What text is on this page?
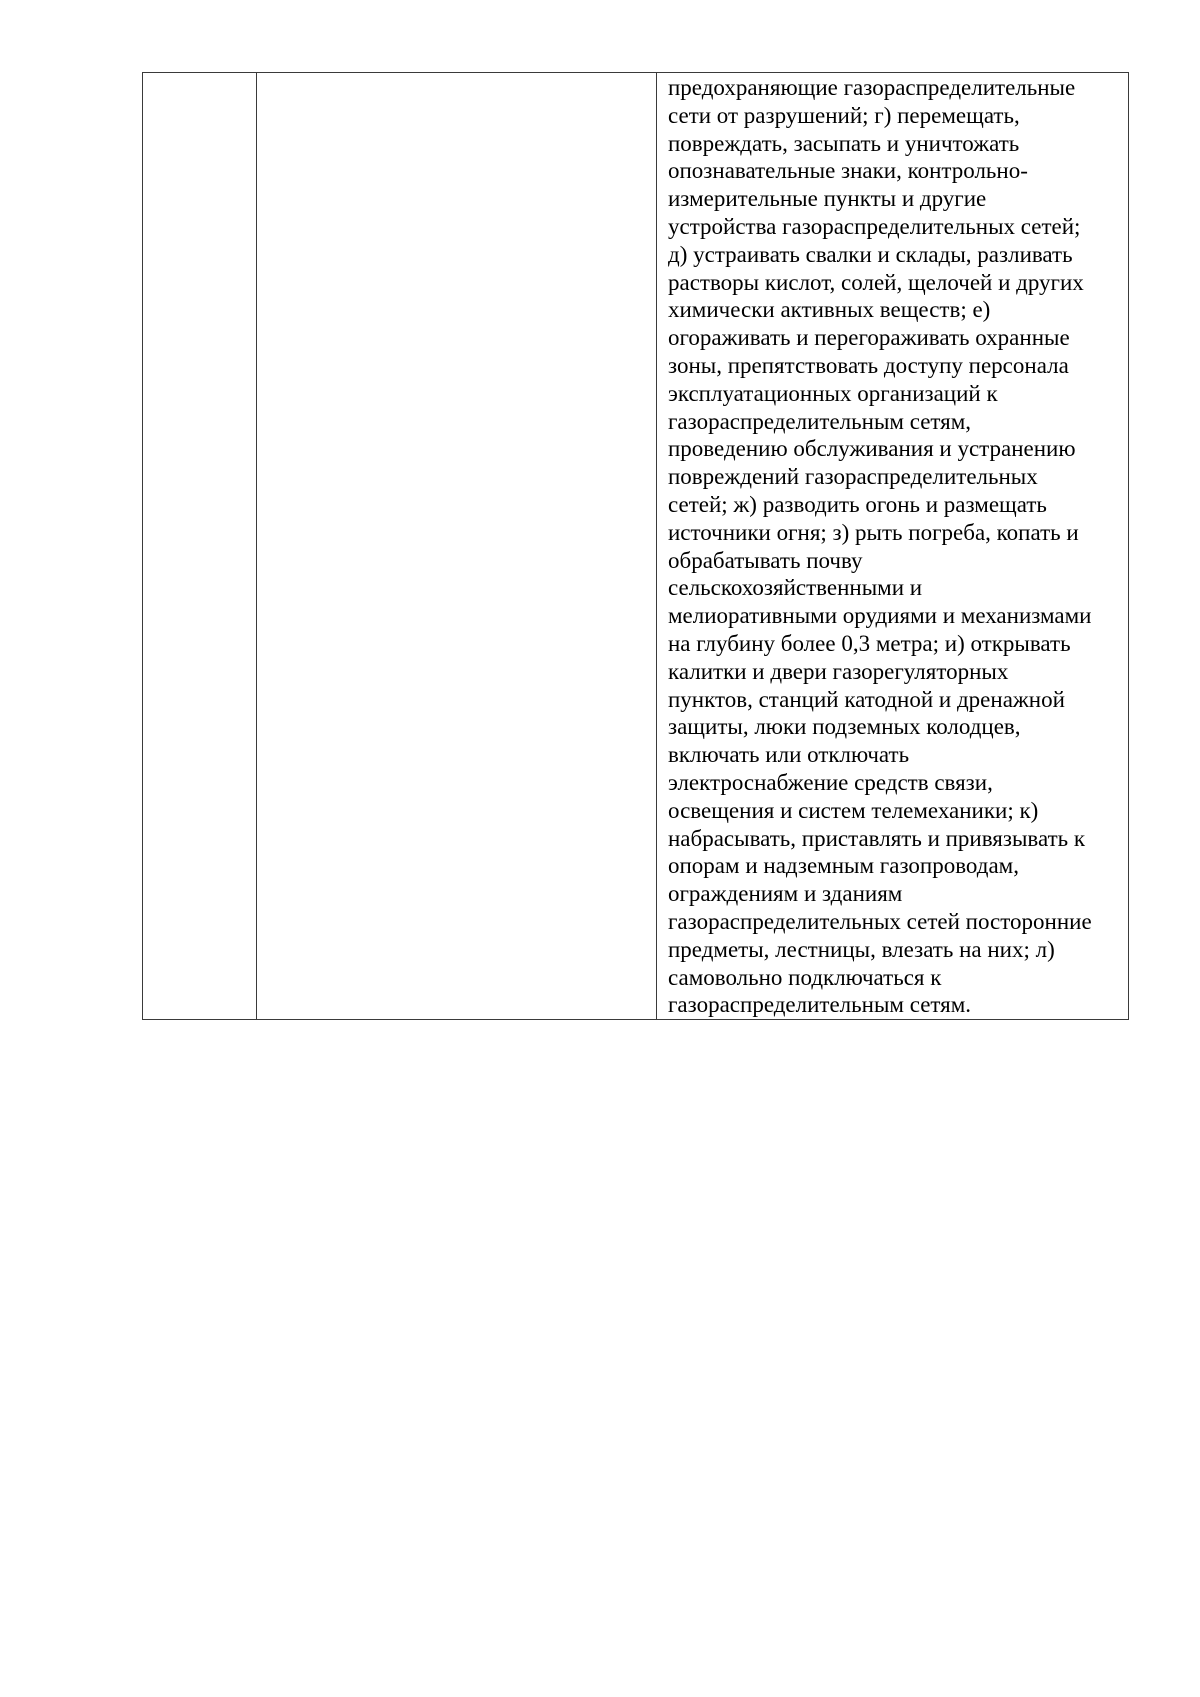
предохраняющие газораспределительные
сети от разрушений; г) перемещать,
повреждать, засыпать и уничтожать
опознавательные знаки, контрольно-
измерительные пункты и другие
устройства газораспределительных сетей;
д) устраивать свалки и склады, разливать
растворы кислот, солей, щелочей и других
химически активных веществ; е)
огораживать и перегораживать охранные
зоны, препятствовать доступу персонала
эксплуатационных организаций к
газораспределительным сетям,
проведению обслуживания и устранению
повреждений газораспределительных
сетей; ж) разводить огонь и размещать
источники огня; з) рыть погреба, копать и
обрабатывать почву
сельскохозяйственными и
мелиоративными орудиями и механизмами
на глубину более 0,3 метра; и) открывать
калитки и двери газорегуляторных
пунктов, станций катодной и дренажной
защиты, люки подземных колодцев,
включать или отключать
электроснабжение средств связи,
освещения и систем телемеханики; к)
набрасывать, приставлять и привязывать к
опорам и надземным газопроводам,
ограждениям и зданиям
газораспределительных сетей посторонние
предметы, лестницы, влезать на них; л)
самовольно подключаться к
газораспределительным сетям.
